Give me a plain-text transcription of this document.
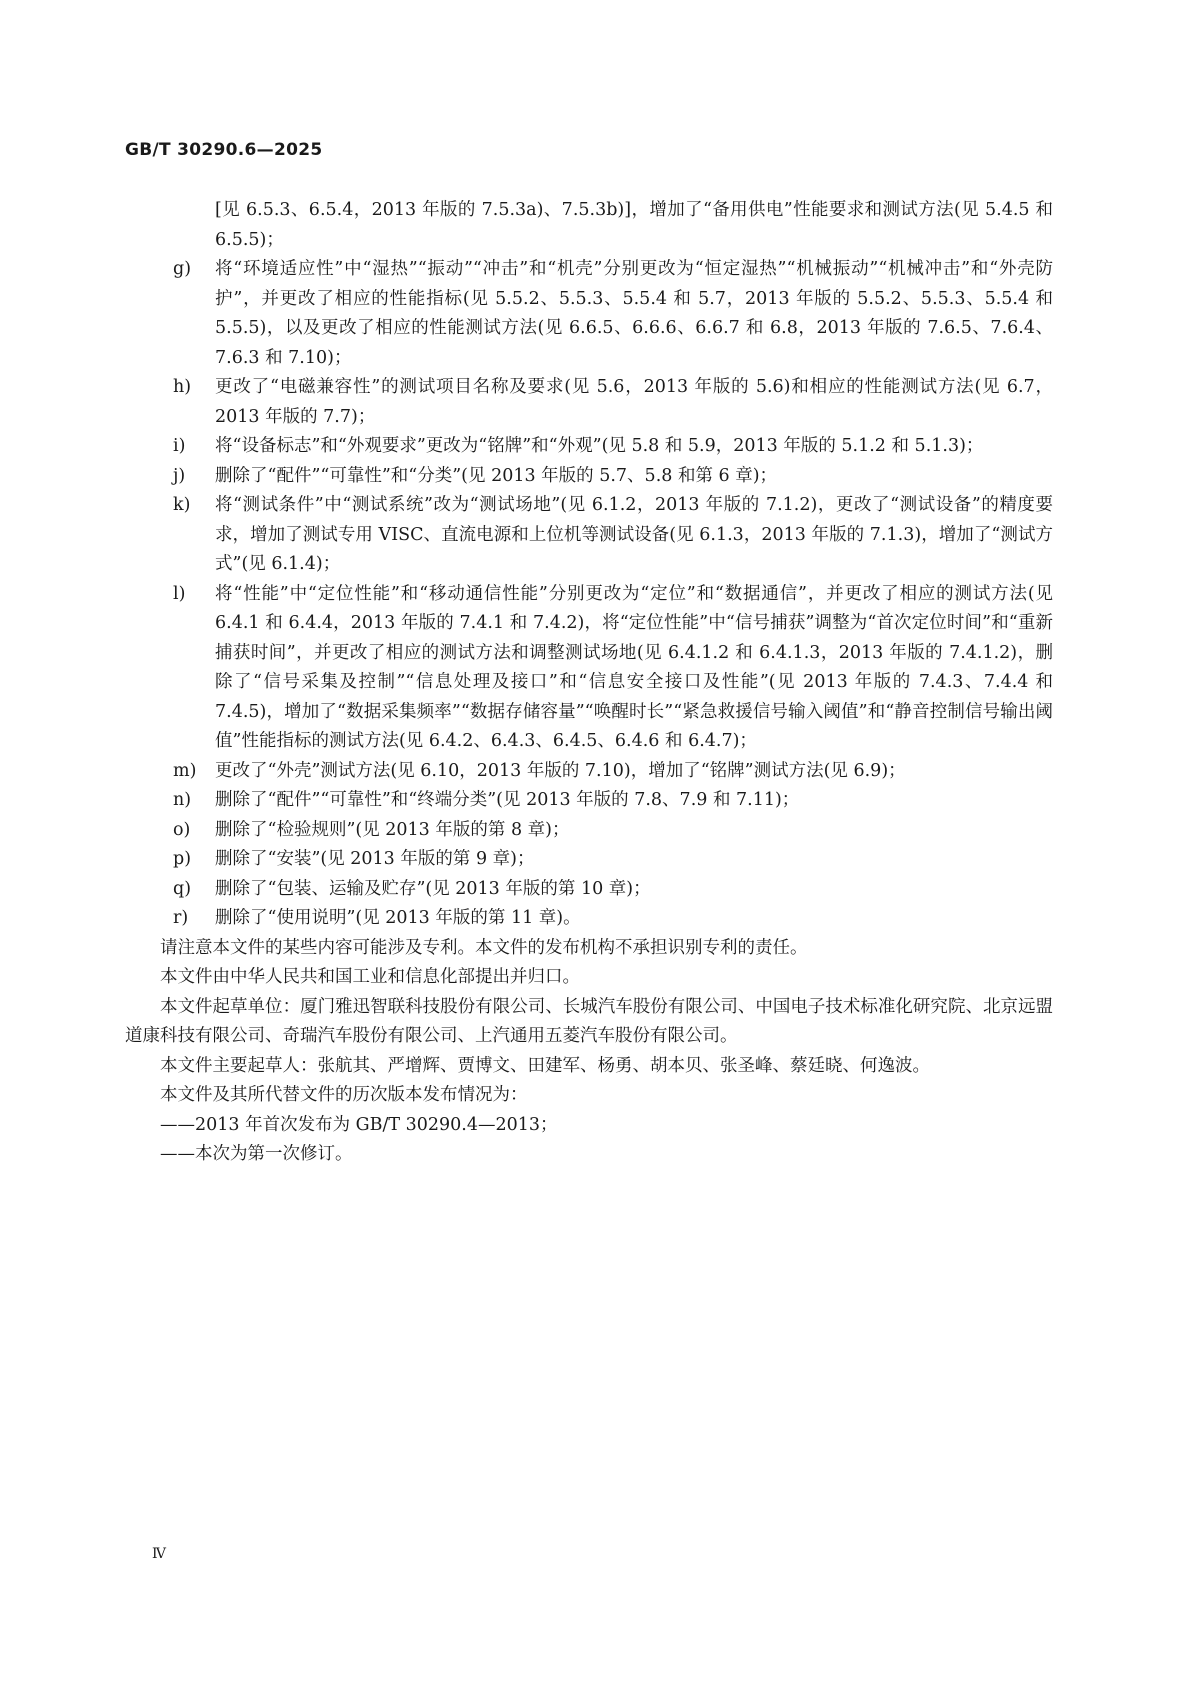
GB/T 30290.6—2025
[见 6.5.3、6.5.4，2013 年版的 7.5.3a)、7.5.3b)]，增加了“备用供电”性能要求和测试方法(见 5.4.5 和 6.5.5)；
g) 将“环境适应性”中“湿热”“振动”“冲击”和“机壳”分别更改为“恒定湿热”“机械振动”“机械冲击”和“外壳防护”，并更改了相应的性能指标(见 5.5.2、5.5.3、5.5.4 和 5.7，2013 年版的 5.5.2、5.5.3、5.5.4 和 5.5.5)，以及更改了相应的性能测试方法(见 6.6.5、6.6.6、6.6.7 和 6.8，2013 年版的 7.6.5、7.6.4、7.6.3 和 7.10)；
h) 更改了“电磁兼容性”的测试项目名称及要求(见 5.6，2013 年版的 5.6)和相应的性能测试方法(见 6.7，2013 年版的 7.7)；
i) 将“设备标志”和“外观要求”更改为“铭牌”和“外观”(见 5.8 和 5.9，2013 年版的 5.1.2 和 5.1.3)；
j) 删除了“配件”“可靠性”和“分类”(见 2013 年版的 5.7、5.8 和第 6 章)；
k) 将“测试条件”中“测试系统”改为“测试场地”(见 6.1.2，2013 年版的 7.1.2)，更改了“测试设备”的精度要求，增加了测试专用 VISC、直流电源和上位机等测试设备(见 6.1.3，2013 年版的 7.1.3)，增加了“测试方式”(见 6.1.4)；
l) 将“性能”中“定位性能”和“移动通信性能”分别更改为“定位”和“数据通信”，并更改了相应的测试方法(见 6.4.1 和 6.4.4，2013 年版的 7.4.1 和 7.4.2)，将“定位性能”中“信号捕获”调整为“首次定位时间”和“重新捕获时间”，并更改了相应的测试方法和调整测试场地(见 6.4.1.2 和 6.4.1.3，2013 年版的 7.4.1.2)，删除了“信号采集及控制”“信息处理及接口”和“信息安全接口及性能”(见 2013 年版的 7.4.3、7.4.4 和 7.4.5)，增加了“数据采集频率”“数据存储容量”“唤醒时长”“紧急救援信号输入阈值”和“静音控制信号输出阈值”性能指标的测试方法(见 6.4.2、6.4.3、6.4.5、6.4.6 和 6.4.7)；
m) 更改了“外壳”测试方法(见 6.10，2013 年版的 7.10)，增加了“铭牌”测试方法(见 6.9)；
n) 删除了“配件”“可靠性”和“终端分类”(见 2013 年版的 7.8、7.9 和 7.11)；
o) 删除了“检验规则”(见 2013 年版的第 8 章)；
p) 删除了“安装”(见 2013 年版的第 9 章)；
q) 删除了“包装、运输及贮存”(见 2013 年版的第 10 章)；
r) 删除了“使用说明”(见 2013 年版的第 11 章)。
请注意本文件的某些内容可能涉及专利。本文件的发布机构不承担识别专利的责任。
本文件由中华人民共和国工业和信息化部提出并归口。
本文件起草单位：厦门雅迅智联科技股份有限公司、长城汽车股份有限公司、中国电子技术标准化研究院、北京远盟道康科技有限公司、奇瑞汽车股份有限公司、上汽通用五菱汽车股份有限公司。
本文件主要起草人：张航其、严增辉、贾博文、田建军、杨勇、胡本贝、张圣峰、蔡廷晓、何逸波。
本文件及其所代替文件的历次版本发布情况为：
——2013 年首次发布为 GB/T 30290.4—2013；
——本次为第一次修订。
Ⅳ
